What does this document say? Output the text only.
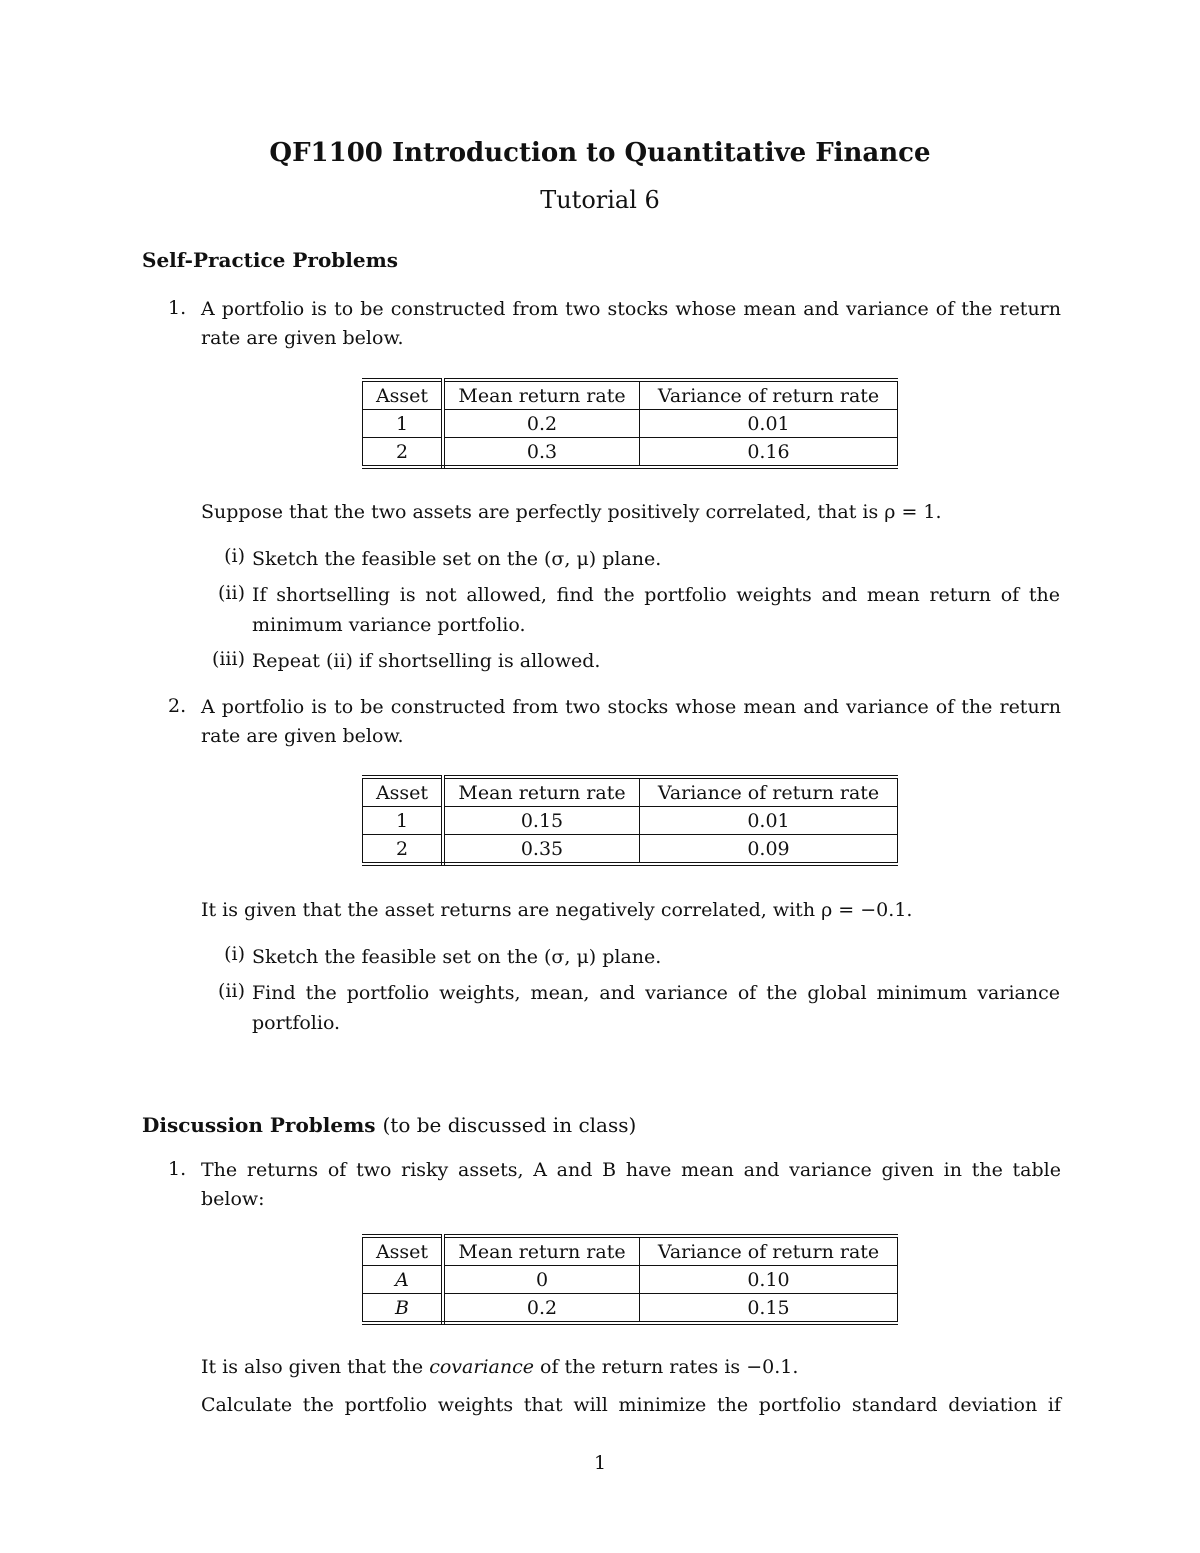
QF1100 Introduction to Quantitative Finance
Tutorial 6
Self-Practice Problems
1. A portfolio is to be constructed from two stocks whose mean and variance of the return
rate are given below.
Asset	Mean return rate	Variance of return rate
1	0.2	0.01
2	0.3	0.16
Suppose that the two assets are perfectly positively correlated, that is ρ = 1.
(i) Sketch the feasible set on the (σ, μ) plane.
(ii) If shortselling is not allowed, find the portfolio weights and mean return of the
minimum variance portfolio.
(iii) Repeat (ii) if shortselling is allowed.
2. A portfolio is to be constructed from two stocks whose mean and variance of the return
rate are given below.
Asset	Mean return rate	Variance of return rate
1	0.15	0.01
2	0.35	0.09
It is given that the asset returns are negatively correlated, with ρ = −0.1.
(i) Sketch the feasible set on the (σ, μ) plane.
(ii) Find the portfolio weights, mean, and variance of the global minimum variance
portfolio.
Discussion Problems (to be discussed in class)
1. The returns of two risky assets, A and B have mean and variance given in the table
below:
Asset	Mean return rate	Variance of return rate
A	0	0.10
B	0.2	0.15
It is also given that the covariance of the return rates is −0.1.
Calculate the portfolio weights that will minimize the portfolio standard deviation if
1
